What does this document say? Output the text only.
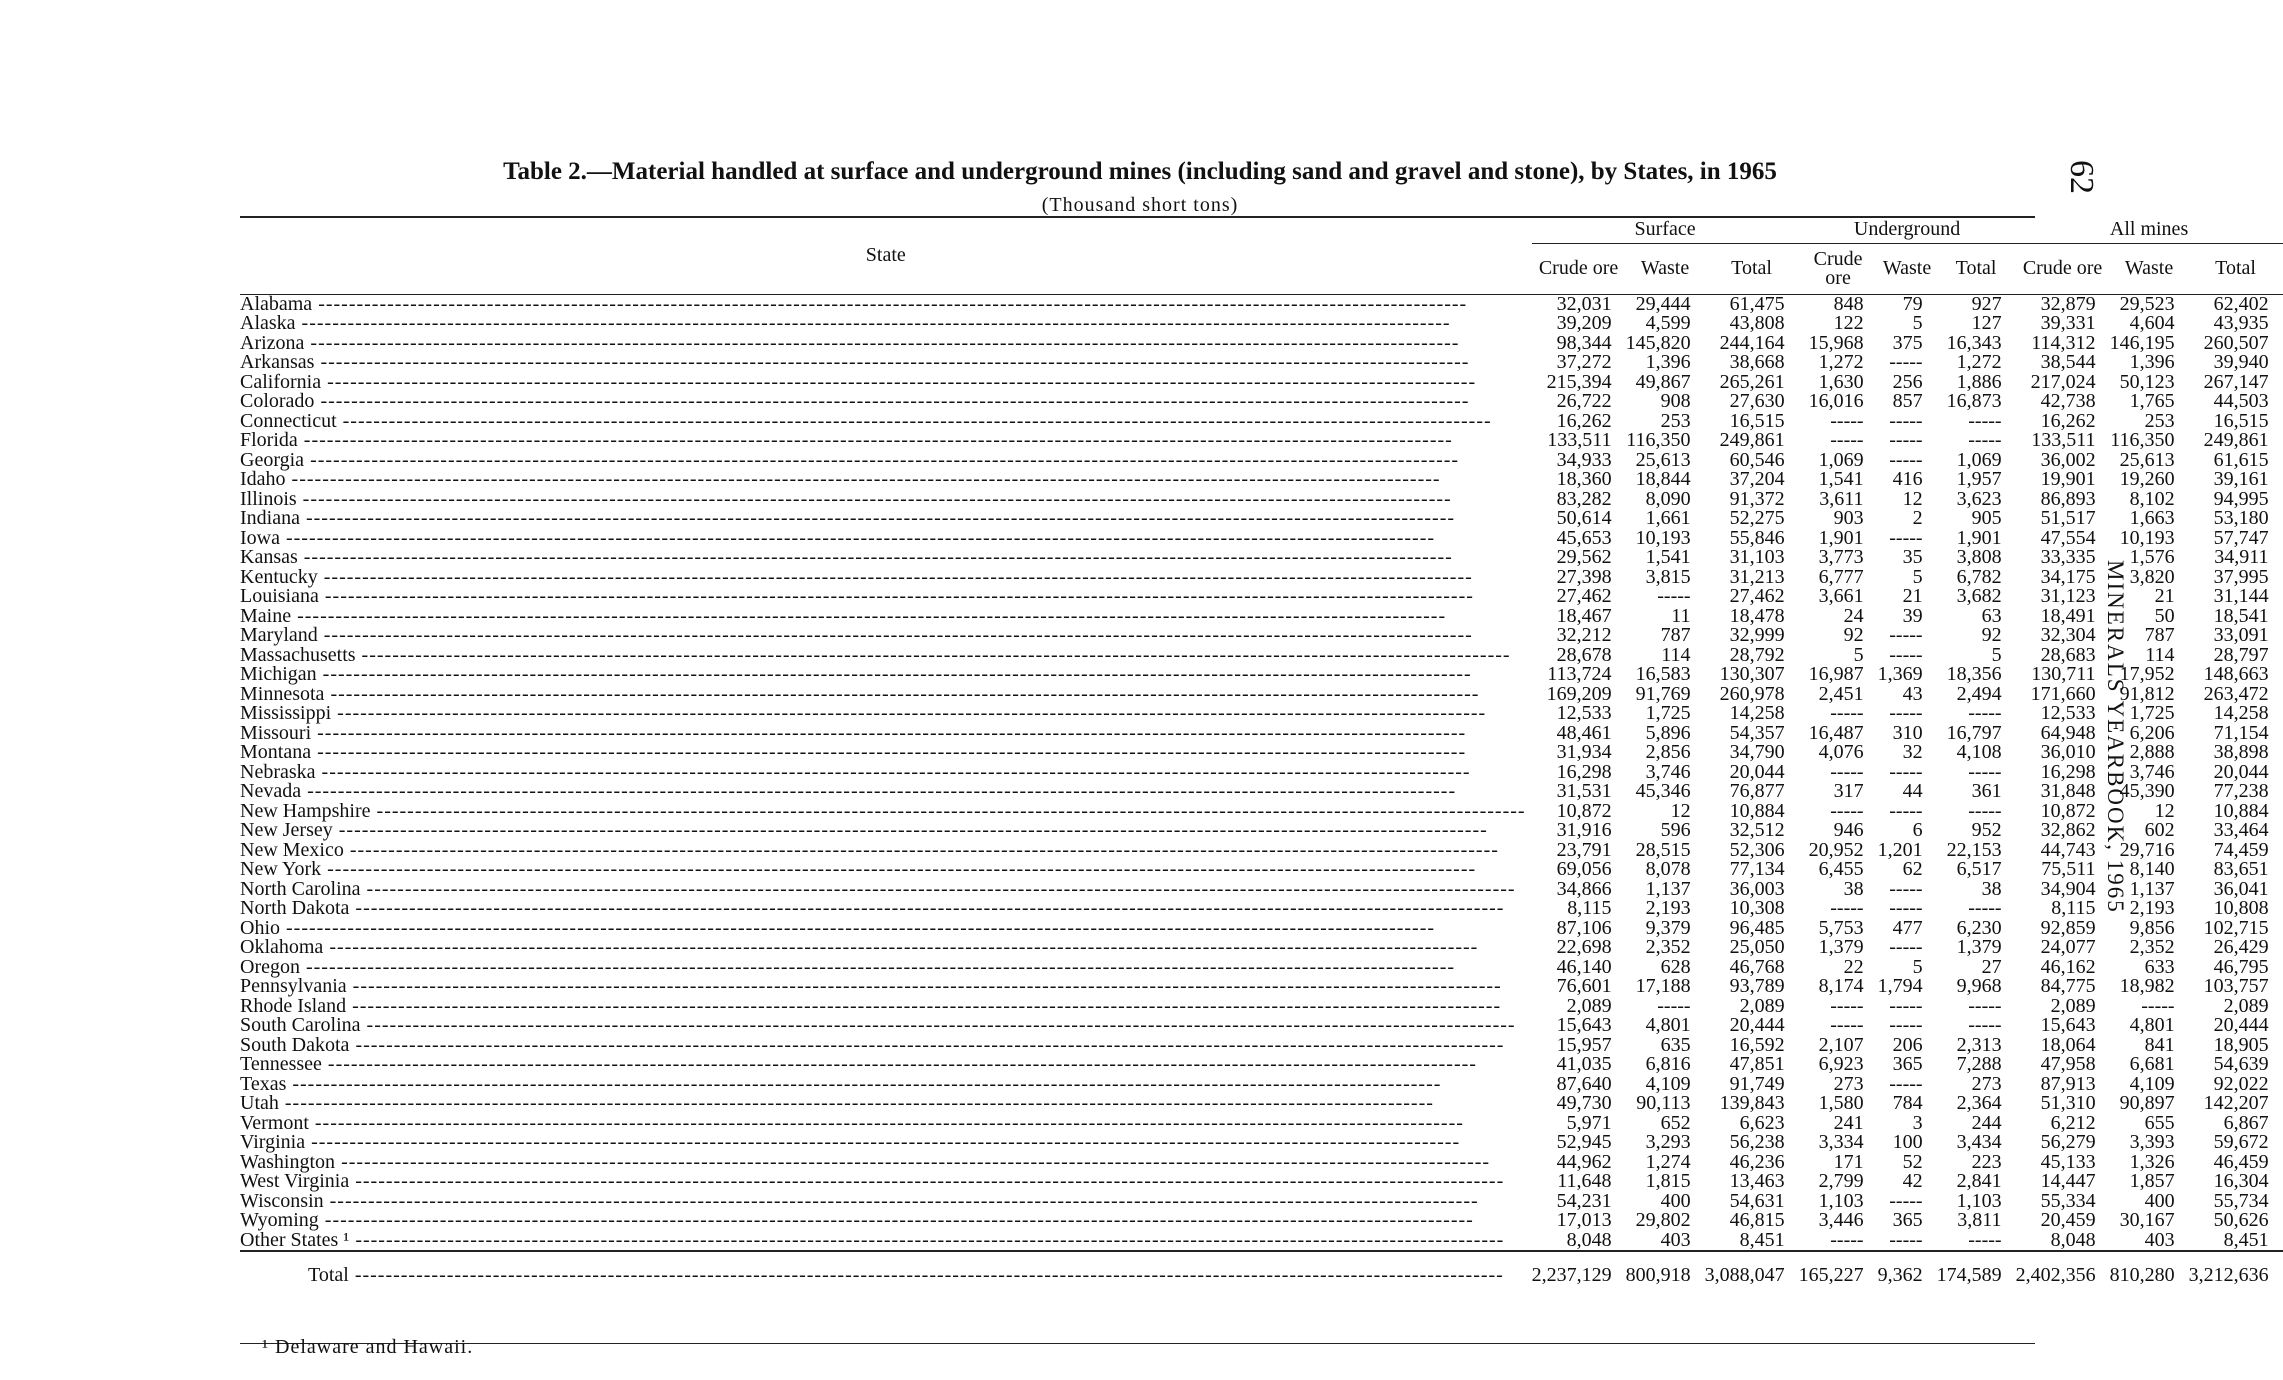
Table 2.—Material handled at surface and underground mines (including sand and gravel and stone), by States, in 1965
(Thousand short tons)
62
MINERALS YEARBOOK, 1965
State	Surface			Underground			All mines		
	Crude ore	Waste	Total	Crude ore	Waste	Total	Crude ore	Waste	Total
Alabama -----	32,031	29,444	61,475	848	79	927	32,879	29,523	62,402
Alaska -----	39,209	4,599	43,808	122	5	127	39,331	4,604	43,935
Arizona -----	98,344	145,820	244,164	15,968	375	16,343	114,312	146,195	260,507
Arkansas -----	37,272	1,396	38,668	1,272	-----	1,272	38,544	1,396	39,940
California -----	215,394	49,867	265,261	1,630	256	1,886	217,024	50,123	267,147
Colorado -----	26,722	908	27,630	16,016	857	16,873	42,738	1,765	44,503
Connecticut -----	16,262	253	16,515	-----	-----	-----	16,262	253	16,515
Florida -----	133,511	116,350	249,861	-----	-----	-----	133,511	116,350	249,861
Georgia -----	34,933	25,613	60,546	1,069	-----	1,069	36,002	25,613	61,615
Idaho -----	18,360	18,844	37,204	1,541	416	1,957	19,901	19,260	39,161
Illinois -----	83,282	8,090	91,372	3,611	12	3,623	86,893	8,102	94,995
Indiana -----	50,614	1,661	52,275	903	2	905	51,517	1,663	53,180
Iowa -----	45,653	10,193	55,846	1,901	-----	1,901	47,554	10,193	57,747
Kansas -----	29,562	1,541	31,103	3,773	35	3,808	33,335	1,576	34,911
Kentucky -----	27,398	3,815	31,213	6,777	5	6,782	34,175	3,820	37,995
Louisiana -----	27,462	-----	27,462	3,661	21	3,682	31,123	21	31,144
Maine -----	18,467	11	18,478	24	39	63	18,491	50	18,541
Maryland -----	32,212	787	32,999	92	-----	92	32,304	787	33,091
Massachusetts -----	28,678	114	28,792	5	-----	5	28,683	114	28,797
Michigan -----	113,724	16,583	130,307	16,987	1,369	18,356	130,711	17,952	148,663
Minnesota -----	169,209	91,769	260,978	2,451	43	2,494	171,660	91,812	263,472
Mississippi -----	12,533	1,725	14,258	-----	-----	-----	12,533	1,725	14,258
Missouri -----	48,461	5,896	54,357	16,487	310	16,797	64,948	6,206	71,154
Montana -----	31,934	2,856	34,790	4,076	32	4,108	36,010	2,888	38,898
Nebraska -----	16,298	3,746	20,044	-----	-----	-----	16,298	3,746	20,044
Nevada -----	31,531	45,346	76,877	317	44	361	31,848	45,390	77,238
New Hampshire -----	10,872	12	10,884	-----	-----	-----	10,872	12	10,884
New Jersey -----	31,916	596	32,512	946	6	952	32,862	602	33,464
New Mexico -----	23,791	28,515	52,306	20,952	1,201	22,153	44,743	29,716	74,459
New York -----	69,056	8,078	77,134	6,455	62	6,517	75,511	8,140	83,651
North Carolina -----	34,866	1,137	36,003	38	-----	38	34,904	1,137	36,041
North Dakota -----	8,115	2,193	10,308	-----	-----	-----	8,115	2,193	10,808
Ohio -----	87,106	9,379	96,485	5,753	477	6,230	92,859	9,856	102,715
Oklahoma -----	22,698	2,352	25,050	1,379	-----	1,379	24,077	2,352	26,429
Oregon -----	46,140	628	46,768	22	5	27	46,162	633	46,795
Pennsylvania -----	76,601	17,188	93,789	8,174	1,794	9,968	84,775	18,982	103,757
Rhode Island -----	2,089	-----	2,089	-----	-----	-----	2,089	-----	2,089
South Carolina -----	15,643	4,801	20,444	-----	-----	-----	15,643	4,801	20,444
South Dakota -----	15,957	635	16,592	2,107	206	2,313	18,064	841	18,905
Tennessee -----	41,035	6,816	47,851	6,923	365	7,288	47,958	6,681	54,639
Texas -----	87,640	4,109	91,749	273	-----	273	87,913	4,109	92,022
Utah -----	49,730	90,113	139,843	1,580	784	2,364	51,310	90,897	142,207
Vermont -----	5,971	652	6,623	241	3	244	6,212	655	6,867
Virginia -----	52,945	3,293	56,238	3,334	100	3,434	56,279	3,393	59,672
Washington -----	44,962	1,274	46,236	171	52	223	45,133	1,326	46,459
West Virginia -----	11,648	1,815	13,463	2,799	42	2,841	14,447	1,857	16,304
Wisconsin -----	54,231	400	54,631	1,103	-----	1,103	55,334	400	55,734
Wyoming -----	17,013	29,802	46,815	3,446	365	3,811	20,459	30,167	50,626
Other States ¹ -----	8,048	403	8,451	-----	-----	-----	8,048	403	8,451
Total -----	2,237,129	800,918	3,088,047	165,227	9,362	174,589	2,402,356	810,280	3,212,636
¹ Delaware and Hawaii.
